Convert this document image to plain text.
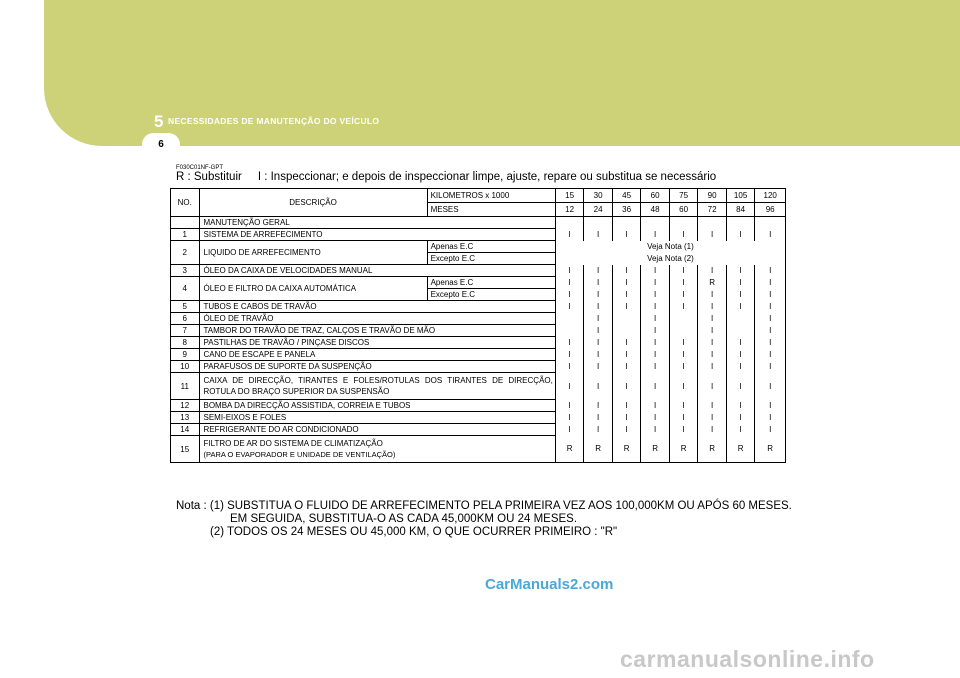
5 NECESSIDADES DE MANUTENÇÃO DO VEÍCULO
6
F030C01NF-GPT
R : Substituir I : Inspeccionar; e depois de inspeccionar limpe, ajuste, repare ou substitua se necessário
NO.	DESCRIÇÃO	KILOMETROS x 1000	15	30	45	60	75	90	105	120
		MESES	12	24	36	48	60	72	84	96
	MANUTENÇÃO GERAL									
1	SISTEMA DE ARREFECIMENTO		I	I	I	I	I	I	I	I
2	LIQUIDO DE ARREFECIMENTO	Apenas E.C	Veja Nota (1)							
		Excepto E.C	Veja Nota (2)							
3	ÓLEO DA CAIXA DE VELOCIDADES MANUAL		I	I	I	I	I	I	I	I
4	ÓLEO E FILTRO DA CAIXA AUTOMÁTICA	Apenas E.C	I	I	I	I	I	R	I	I
		Excepto E.C	I	I	I	I	I	I	I	I
5	TUBOS E CABOS DE TRAVÃO		I	I	I	I	I	I	I	I
6	ÓLEO DE TRAVÃO			I		I		I		I
7	TAMBOR DO TRAVÃO DE TRAZ, CALÇOS E TRAVÃO DE MÃO			I		I		I		I
8	PASTILHAS DE TRAVÃO / PINÇASE DISCOS		I	I	I	I	I	I	I	I
9	CANO DE ESCAPE E PANELA		I	I	I	I	I	I	I	I
10	PARAFUSOS DE SUPORTE DA SUSPENÇÃO		I	I	I	I	I	I	I	I
11	CAIXA DE DIRECÇÃO, TIRANTES E FOLES/ROTULAS DOS TIRANTES DE DIRECÇÃO, ROTULA DO BRAÇO SUPERIOR DA SUSPENSÃO		I	I	I	I	I	I	I	I
12	BOMBA DA DIRECÇÃO ASSISTIDA, CORREIA E TUBOS		I	I	I	I	I	I	I	I
13	SEMI-EIXOS E FOLES		I	I	I	I	I	I	I	I
14	REFRIGERANTE DO AR CONDICIONADO		I	I	I	I	I	I	I	I
15	FILTRO DE AR DO SISTEMA DE CLIMATIZAÇÃO
(PARA O EVAPORADOR E UNIDADE DE VENTILAÇÃO)		R	R	R	R	R	R	R	R
Nota : (1) SUBSTITUA O FLUIDO DE ARREFECIMENTO PELA PRIMEIRA VEZ AOS 100,000KM OU APÓS 60 MESES.
EM SEGUIDA, SUBSTITUA-O AS CADA 45,000KM OU 24 MESES.
(2) TODOS OS 24 MESES OU 45,000 KM, O QUE OCURRER PRIMEIRO : "R"
CarManuals2.com
carmanualsonline.info
